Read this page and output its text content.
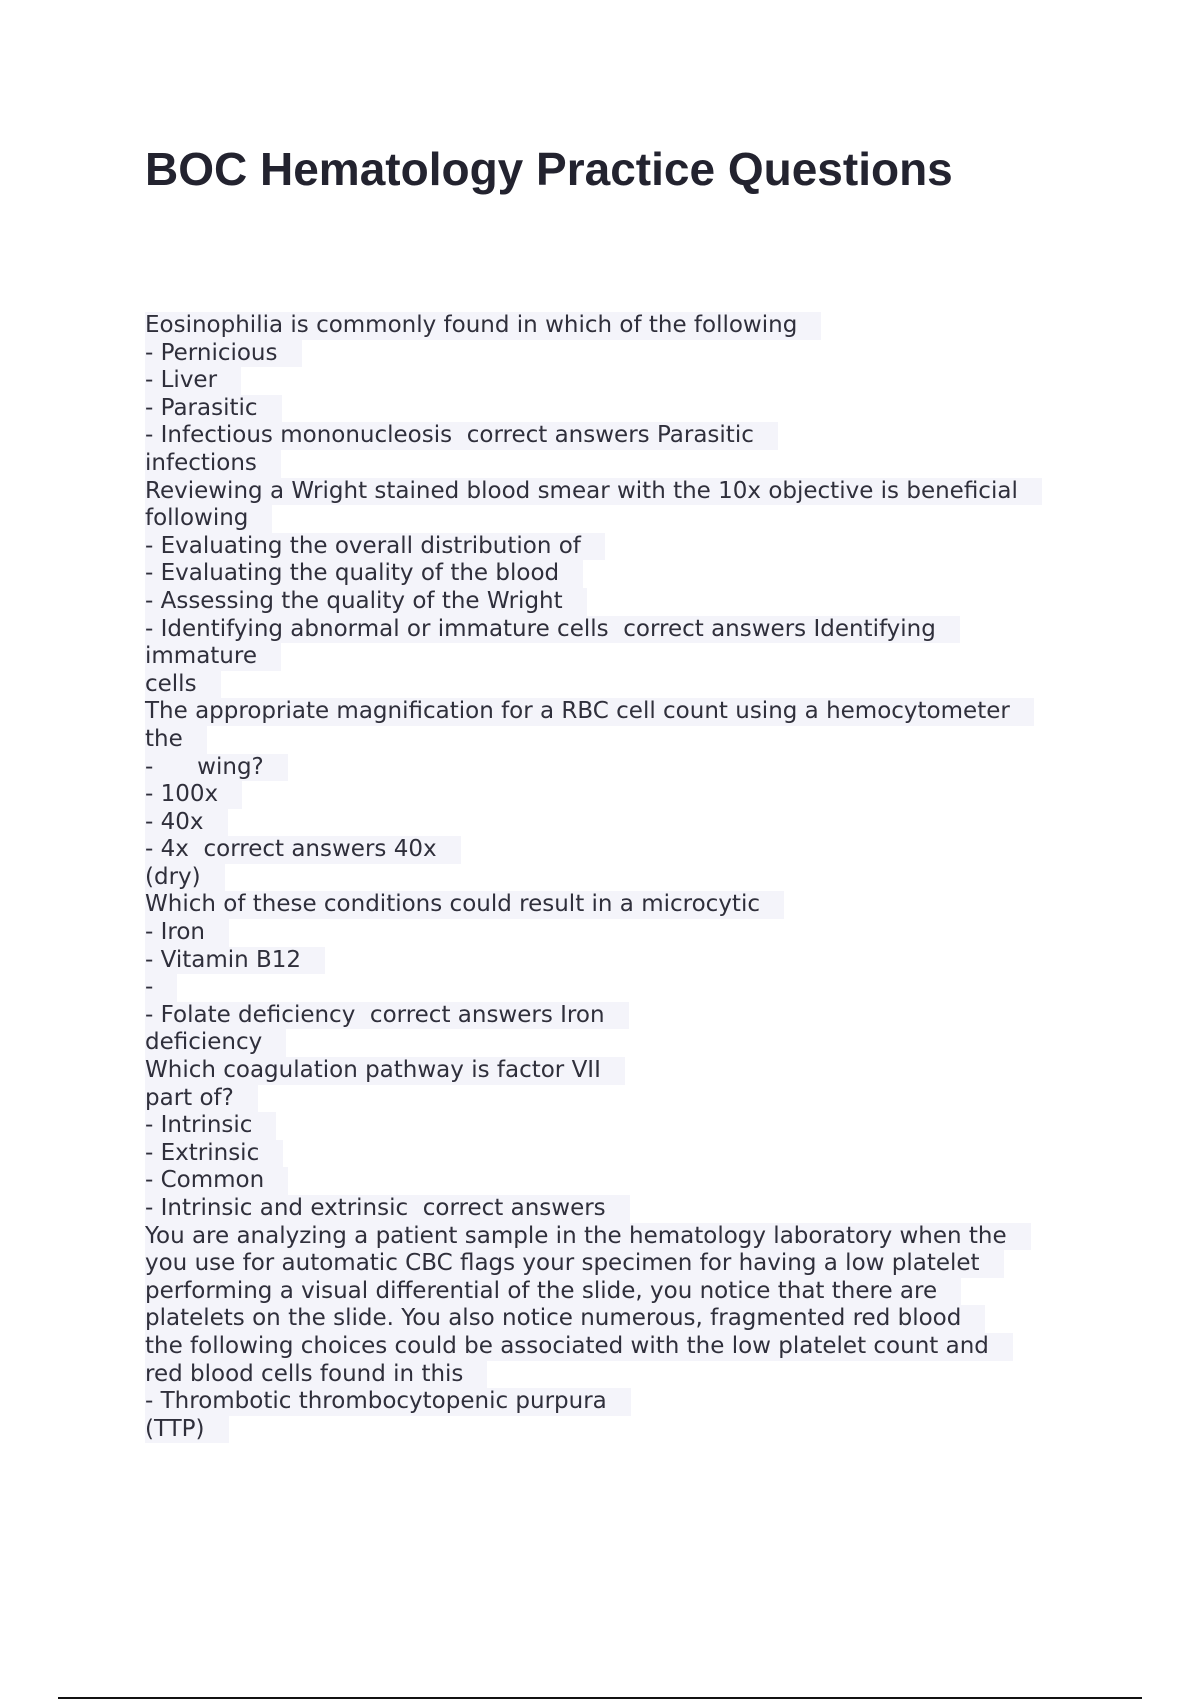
BOC Hematology Practice Questions
Eosinophilia is commonly found in which of the following
- Pernicious
- Liver
- Parasitic
- Infectious mononucleosis  correct answers Parasitic
infections
Reviewing a Wright stained blood smear with the 10x objective is beneficial
following
- Evaluating the overall distribution of
- Evaluating the quality of the blood
- Assessing the quality of the Wright
- Identifying abnormal or immature cells  correct answers Identifying
immature
cells
The appropriate magnification for a RBC cell count using a hemocytometer
the
-      wing?
- 100x
- 40x
- 4x  correct answers 40x
(dry)
Which of these conditions could result in a microcytic
- Iron
- Vitamin B12
-
- Folate deficiency  correct answers Iron
deficiency
Which coagulation pathway is factor VII
part of?
- Intrinsic
- Extrinsic
- Common
- Intrinsic and extrinsic  correct answers
You are analyzing a patient sample in the hematology laboratory when the
you use for automatic CBC flags your specimen for having a low platelet
performing a visual differential of the slide, you notice that there are
platelets on the slide. You also notice numerous, fragmented red blood
the following choices could be associated with the low platelet count and
red blood cells found in this
- Thrombotic thrombocytopenic purpura
(TTP)
